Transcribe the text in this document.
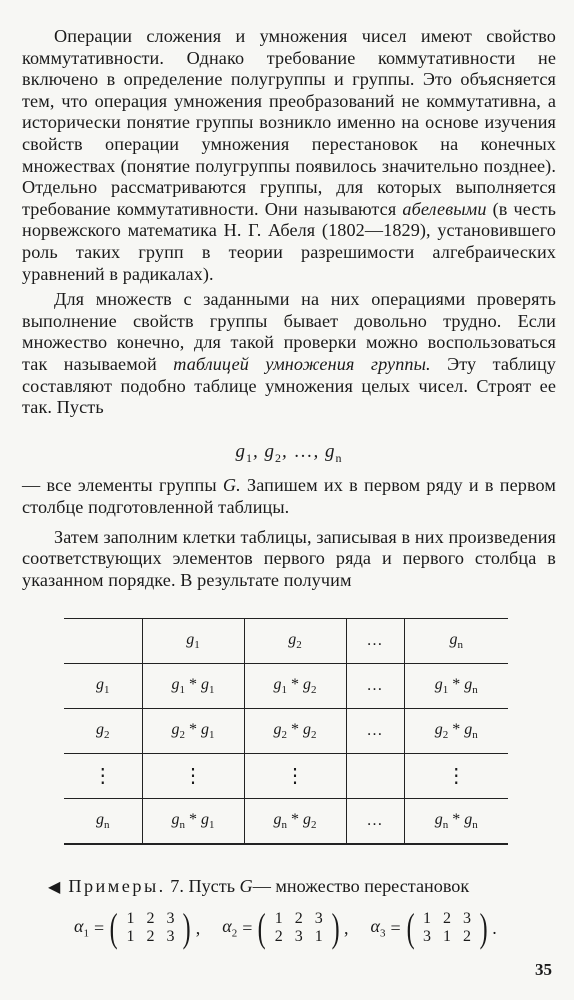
Операции сложения и умножения чисел имеют свойство коммутативности. Однако требование коммутативности не включено в определение полугруппы и группы. Это объясняется тем, что операция умножения преобразований не коммутативна, а исторически понятие группы возникло именно на основе изучения свойств операции умножения перестановок на конечных множествах (понятие полугруппы появилось значительно позднее). Отдельно рассматриваются группы, для которых выполняется требование коммутативности. Они называются абелевыми (в честь норвежского математика Н. Г. Абеля (1802—1829), установившего роль таких групп в теории разрешимости алгебраических уравнений в радикалах).

Для множеств с заданными на них операциями проверять выполнение свойств группы бывает довольно трудно. Если множество конечно, для такой проверки можно воспользоваться так называемой таблицей умножения группы. Эту таблицу составляют подобно таблице умножения целых чисел. Строят ее так. Пусть

$g_1$, $g_2$, …, $g_n$

— все элементы группы G. Запишем их в первом ряду и в первом столбце подготовленной таблицы.

Затем заполним клетки таблицы, записывая в них произведения соответствующих элементов первого ряда и первого столбца в указанном порядке. В результате получим

	$g_1$	$g_2$	…	$g_n$
$g_1$	$g_1 * g_1$	$g_1 * g_2$	…	$g_1 * g_n$
$g_2$	$g_2 * g_1$	$g_2 * g_2$	…	$g_2 * g_n$
⋮	⋮	⋮		⋮
$g_n$	$g_n * g_1$	$g_n * g_2$	…	$g_n * g_n$
◀ Примеры. 7. Пусть G— множество перестановок
$\alpha_1$ = ( 1 2 3
1 2 3 ) , $\alpha_2$ = ( 1 2 3
2 3 1 ) , $\alpha_3$ = ( 1 2 3
3 1 2 ) .
35
